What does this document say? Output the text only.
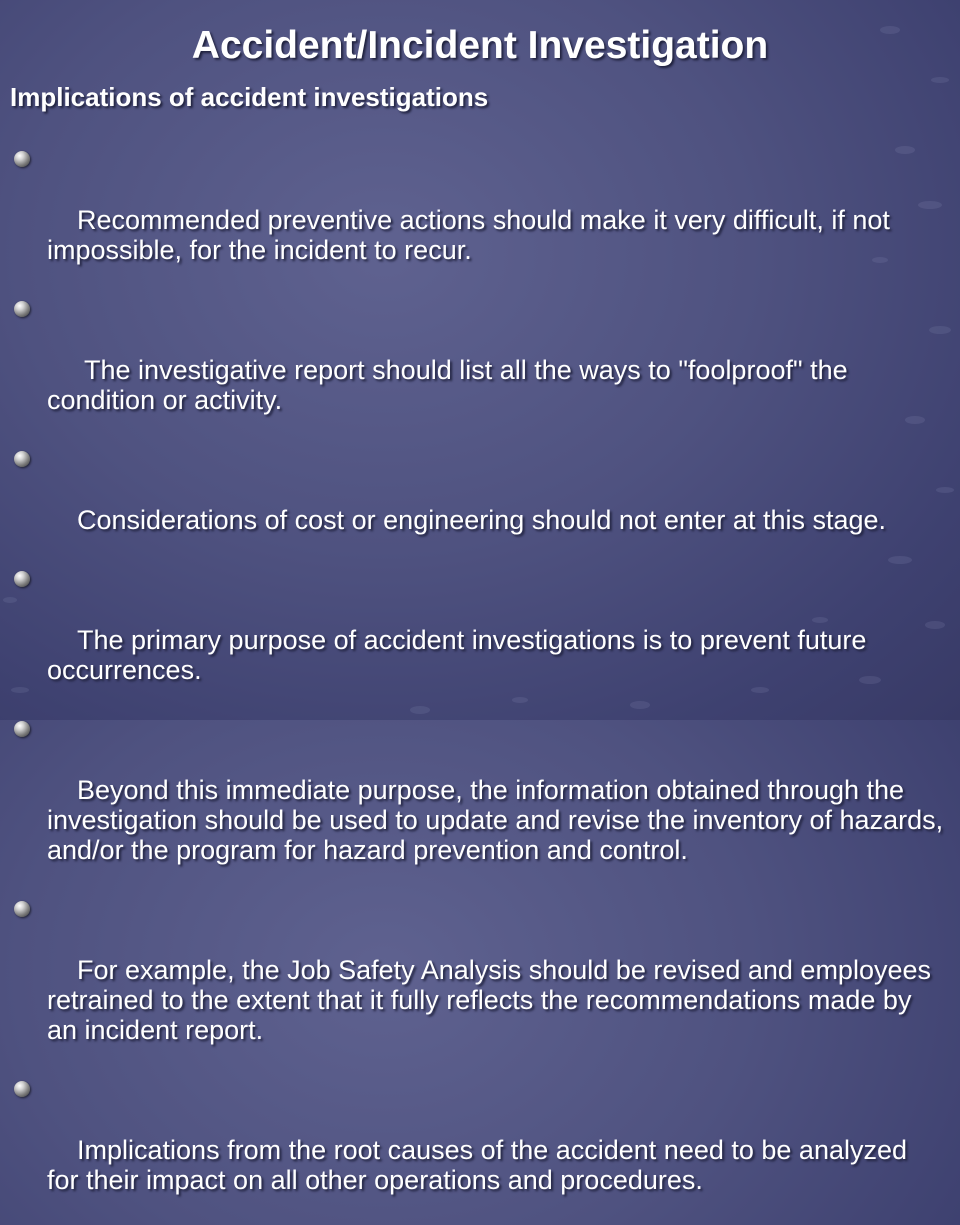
Accident/Incident Investigation
Implications of accident investigations

Recommended preventive actions should make it very difficult, if not impossible, for the incident to recur.

The investigative report should list all the ways to "foolproof" the condition or activity.

Considerations of cost or engineering should not enter at this stage.

The primary purpose of accident investigations is to prevent future occurrences.

Beyond this immediate purpose, the information obtained through the investigation should be used to update and revise the inventory of hazards, and/or the program for hazard prevention and control.

For example, the Job Safety Analysis should be revised and employees retrained to the extent that it fully reflects the recommendations made by an incident report.

Implications from the root causes of the accident need to be analyzed for their impact on all other operations and procedures.
